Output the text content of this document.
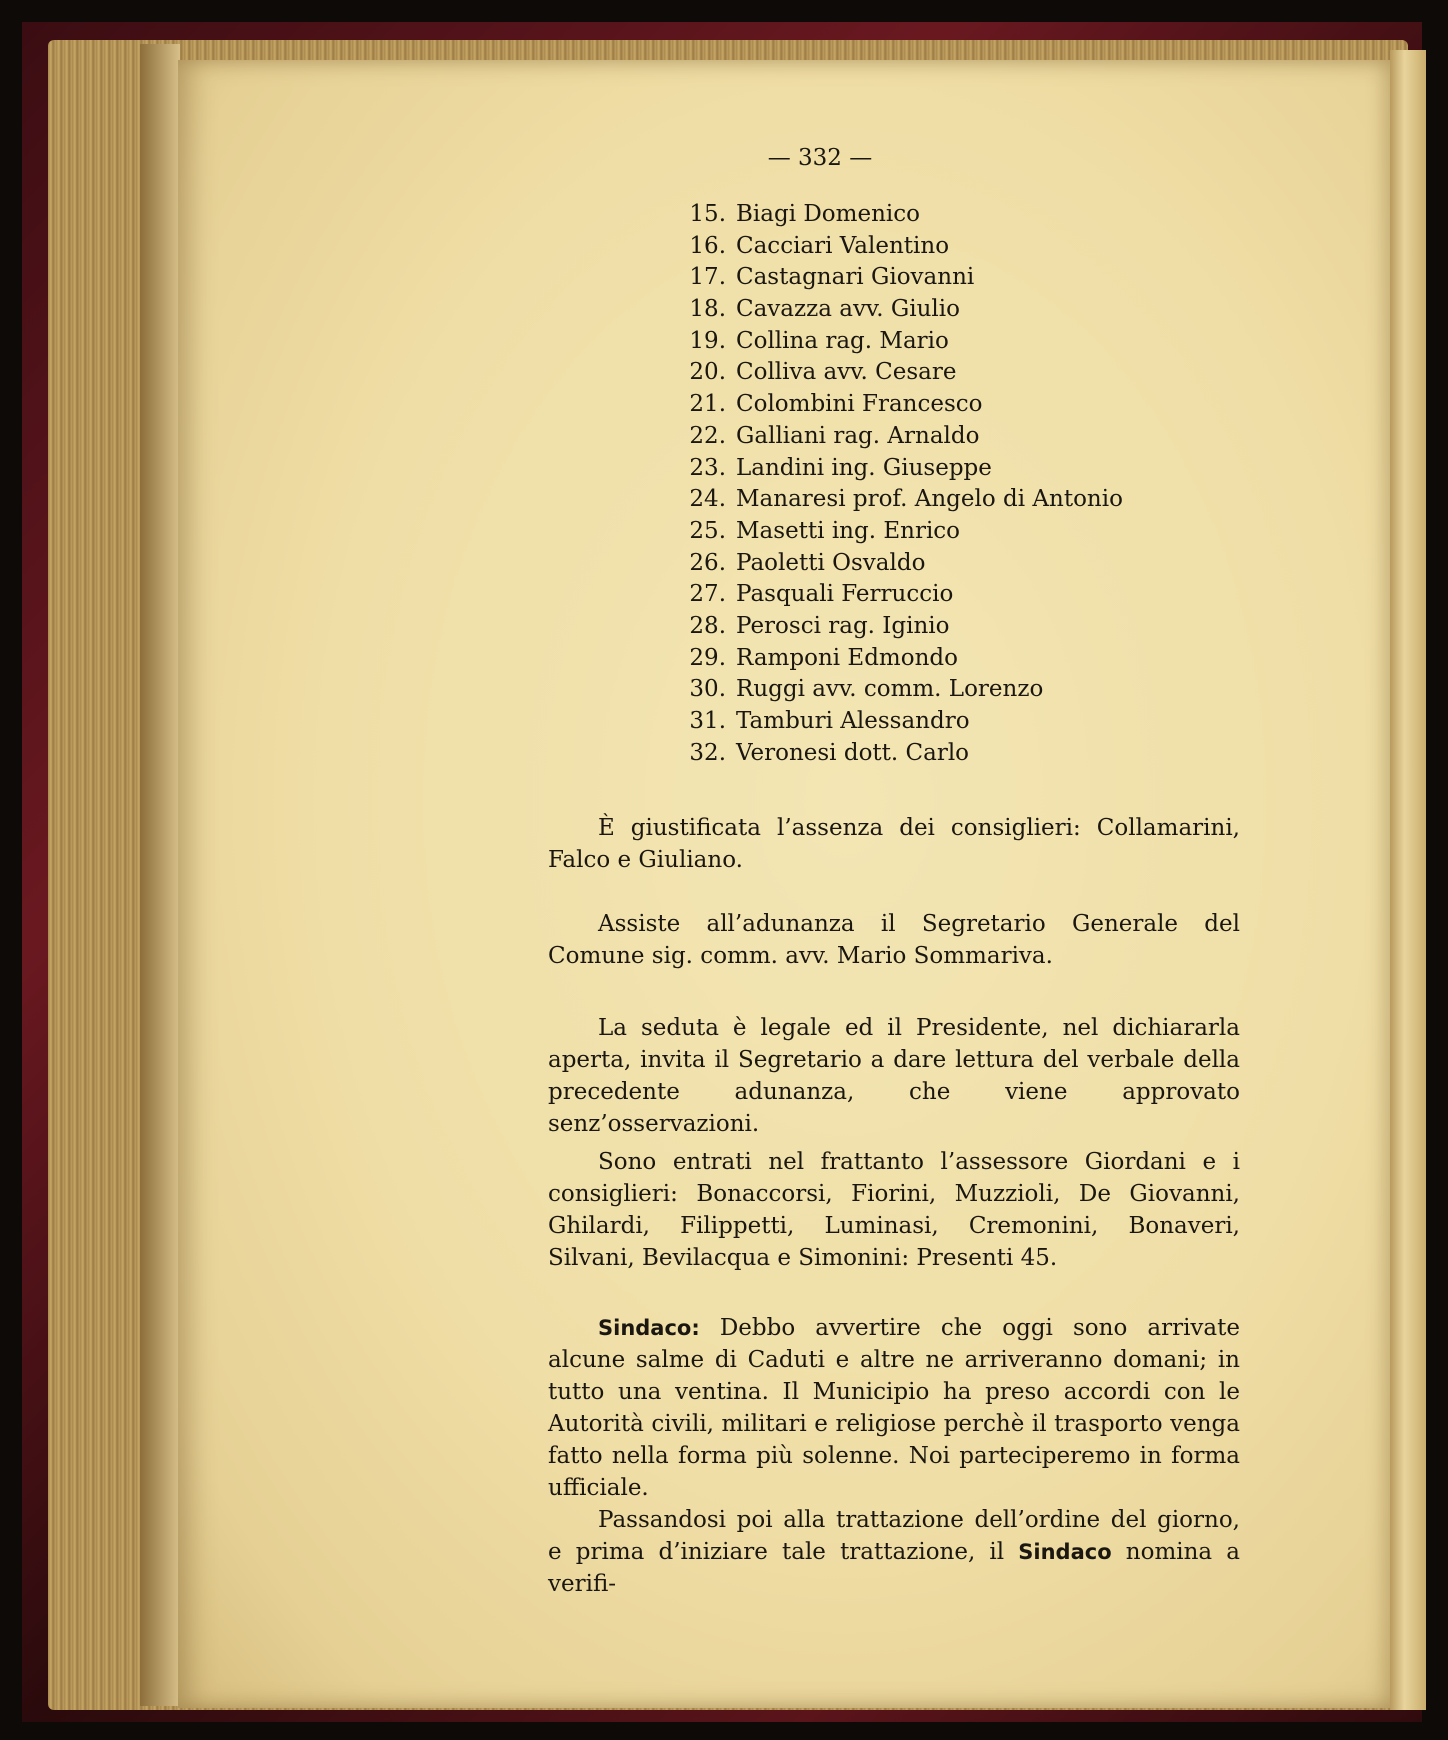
— 332 —
15. Biagi Domenico
16. Cacciari Valentino
17. Castagnari Giovanni
18. Cavazza avv. Giulio
19. Collina rag. Mario
20. Colliva avv. Cesare
21. Colombini Francesco
22. Galliani rag. Arnaldo
23. Landini ing. Giuseppe
24. Manaresi prof. Angelo di Antonio
25. Masetti ing. Enrico
26. Paoletti Osvaldo
27. Pasquali Ferruccio
28. Perosci rag. Iginio
29. Ramponi Edmondo
30. Ruggi avv. comm. Lorenzo
31. Tamburi Alessandro
32. Veronesi dott. Carlo

È giustificata l’assenza dei consiglieri: Collamarini, Falco e Giuliano.

Assiste all’adunanza il Segretario Generale del Comune sig. comm. avv. Mario Sommariva.

La seduta è legale ed il Presidente, nel dichiararla aperta, invita il Segretario a dare lettura del verbale della precedente adunanza, che viene approvato senz’osservazioni.

Sono entrati nel frattanto l’assessore Giordani e i consiglieri: Bonaccorsi, Fiorini, Muzzioli, De Giovanni, Ghilardi, Filippetti, Luminasi, Cremonini, Bonaveri, Silvani, Bevilacqua e Simonini: Presenti 45.

Sindaco: Debbo avvertire che oggi sono arrivate alcune salme di Caduti e altre ne arriveranno domani; in tutto una ventina. Il Municipio ha preso accordi con le Autorità civili, militari e religiose perchè il trasporto venga fatto nella forma più solenne. Noi parteciperemo in forma ufficiale.

Passandosi poi alla trattazione dell’ordine del giorno, e prima d’iniziare tale trattazione, il Sindaco nomina a verifi-
